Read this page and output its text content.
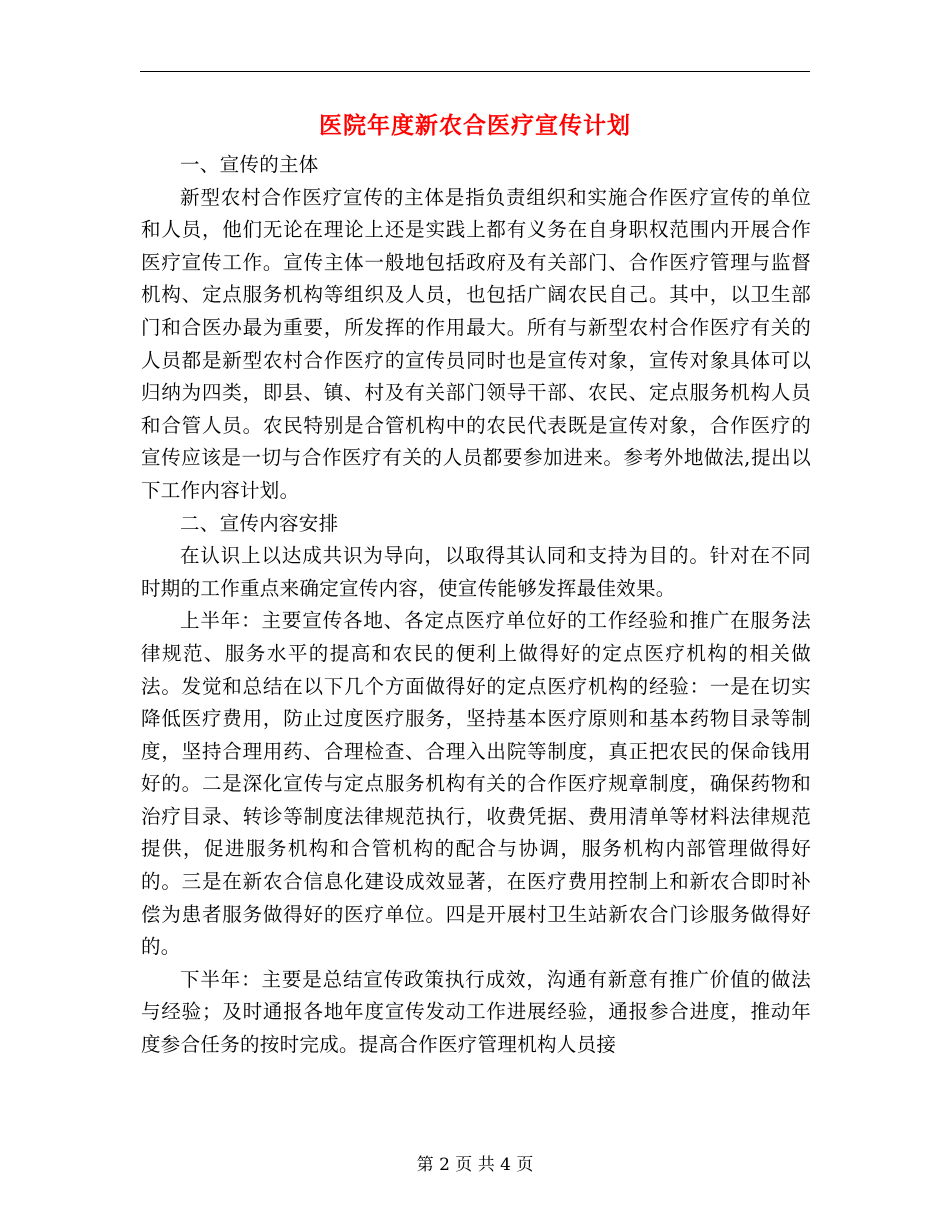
医院年度新农合医疗宣传计划

一、宣传的主体

新型农村合作医疗宣传的主体是指负责组织和实施合作医疗宣传的单位和人员，他们无论在理论上还是实践上都有义务在自身职权范围内开展合作医疗宣传工作。宣传主体一般地包括政府及有关部门、合作医疗管理与监督机构、定点服务机构等组织及人员，也包括广阔农民自己。其中，以卫生部门和合医办最为重要，所发挥的作用最大。所有与新型农村合作医疗有关的人员都是新型农村合作医疗的宣传员同时也是宣传对象，宣传对象具体可以归纳为四类，即县、镇、村及有关部门领导干部、农民、定点服务机构人员和合管人员。农民特别是合管机构中的农民代表既是宣传对象，合作医疗的宣传应该是一切与合作医疗有关的人员都要参加进来。参考外地做法,提出以下工作内容计划。

二、宣传内容安排

在认识上以达成共识为导向，以取得其认同和支持为目的。针对在不同时期的工作重点来确定宣传内容，使宣传能够发挥最佳效果。

上半年：主要宣传各地、各定点医疗单位好的工作经验和推广在服务法律规范、服务水平的提高和农民的便利上做得好的定点医疗机构的相关做法。发觉和总结在以下几个方面做得好的定点医疗机构的经验：一是在切实降低医疗费用，防止过度医疗服务，坚持基本医疗原则和基本药物目录等制度，坚持合理用药、合理检查、合理入出院等制度，真正把农民的保命钱用好的。二是深化宣传与定点服务机构有关的合作医疗规章制度，确保药物和治疗目录、转诊等制度法律规范执行，收费凭据、费用清单等材料法律规范提供，促进服务机构和合管机构的配合与协调，服务机构内部管理做得好的。三是在新农合信息化建设成效显著，在医疗费用控制上和新农合即时补偿为患者服务做得好的医疗单位。四是开展村卫生站新农合门诊服务做得好的。

下半年：主要是总结宣传政策执行成效，沟通有新意有推广价值的做法与经验；及时通报各地年度宣传发动工作进展经验，通报参合进度，推动年度参合任务的按时完成。提高合作医疗管理机构人员接

第 2 页 共 4 页
